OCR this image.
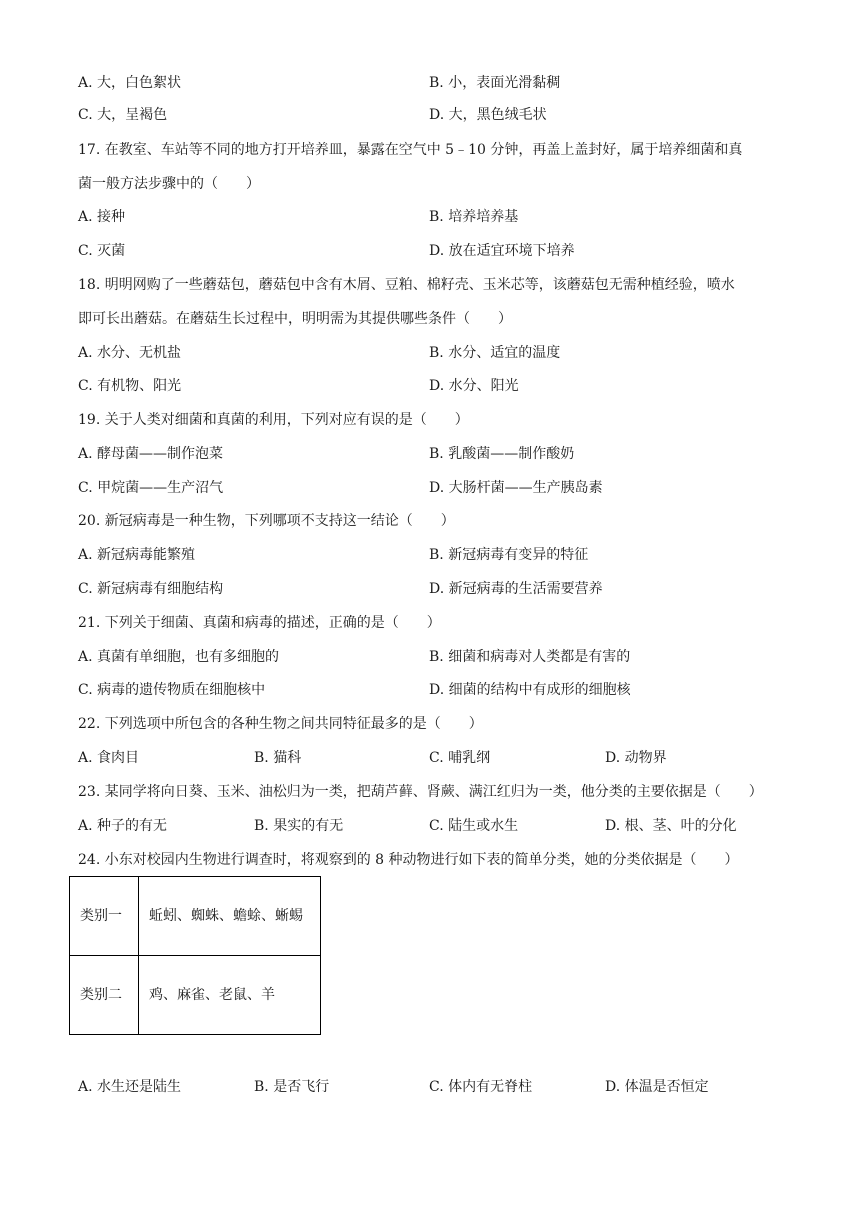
A. 大，白色絮状	B. 小，表面光滑黏稠
C. 大，呈褐色	D. 大，黑色绒毛状
17. 在教室、车站等不同的地方打开培养皿，暴露在空气中 5﹣10 分钟，再盖上盖封好，属于培养细菌和真
菌一般方法步骤中的（　　）
A. 接种	B. 培养培养基
C. 灭菌	D. 放在适宜环境下培养
18. 明明网购了一些蘑菇包，蘑菇包中含有木屑、豆粕、棉籽壳、玉米芯等，该蘑菇包无需种植经验，喷水
即可长出蘑菇。在蘑菇生长过程中，明明需为其提供哪些条件（　　）
A. 水分、无机盐	B. 水分、适宜的温度
C. 有机物、阳光	D. 水分、阳光
19. 关于人类对细菌和真菌的利用，下列对应有误的是（　　）
A. 酵母菌——制作泡菜	B. 乳酸菌——制作酸奶
C. 甲烷菌——生产沼气	D. 大肠杆菌——生产胰岛素
20. 新冠病毒是一种生物，下列哪项不支持这一结论（　　）
A. 新冠病毒能繁殖	B. 新冠病毒有变异的特征
C. 新冠病毒有细胞结构	D. 新冠病毒的生活需要营养
21. 下列关于细菌、真菌和病毒的描述，正确的是（　　）
A. 真菌有单细胞，也有多细胞的	B. 细菌和病毒对人类都是有害的
C. 病毒的遗传物质在细胞核中	D. 细菌的结构中有成形的细胞核
22. 下列选项中所包含的各种生物之间共同特征最多的是（　　）
A. 食肉目	B. 猫科	C. 哺乳纲	D. 动物界
23. 某同学将向日葵、玉米、油松归为一类，把葫芦藓、肾蕨、满江红归为一类，他分类的主要依据是（　　）
A. 种子的有无	B. 果实的有无	C. 陆生或水生	D. 根、茎、叶的分化
24. 小东对校园内生物进行调查时，将观察到的 8 种动物进行如下表的简单分类，她的分类依据是（　　）
类别一	蚯蚓、蜘蛛、蟾蜍、蜥蜴
类别二	鸡、麻雀、老鼠、羊
A. 水生还是陆生	B. 是否飞行	C. 体内有无脊柱	D. 体温是否恒定
